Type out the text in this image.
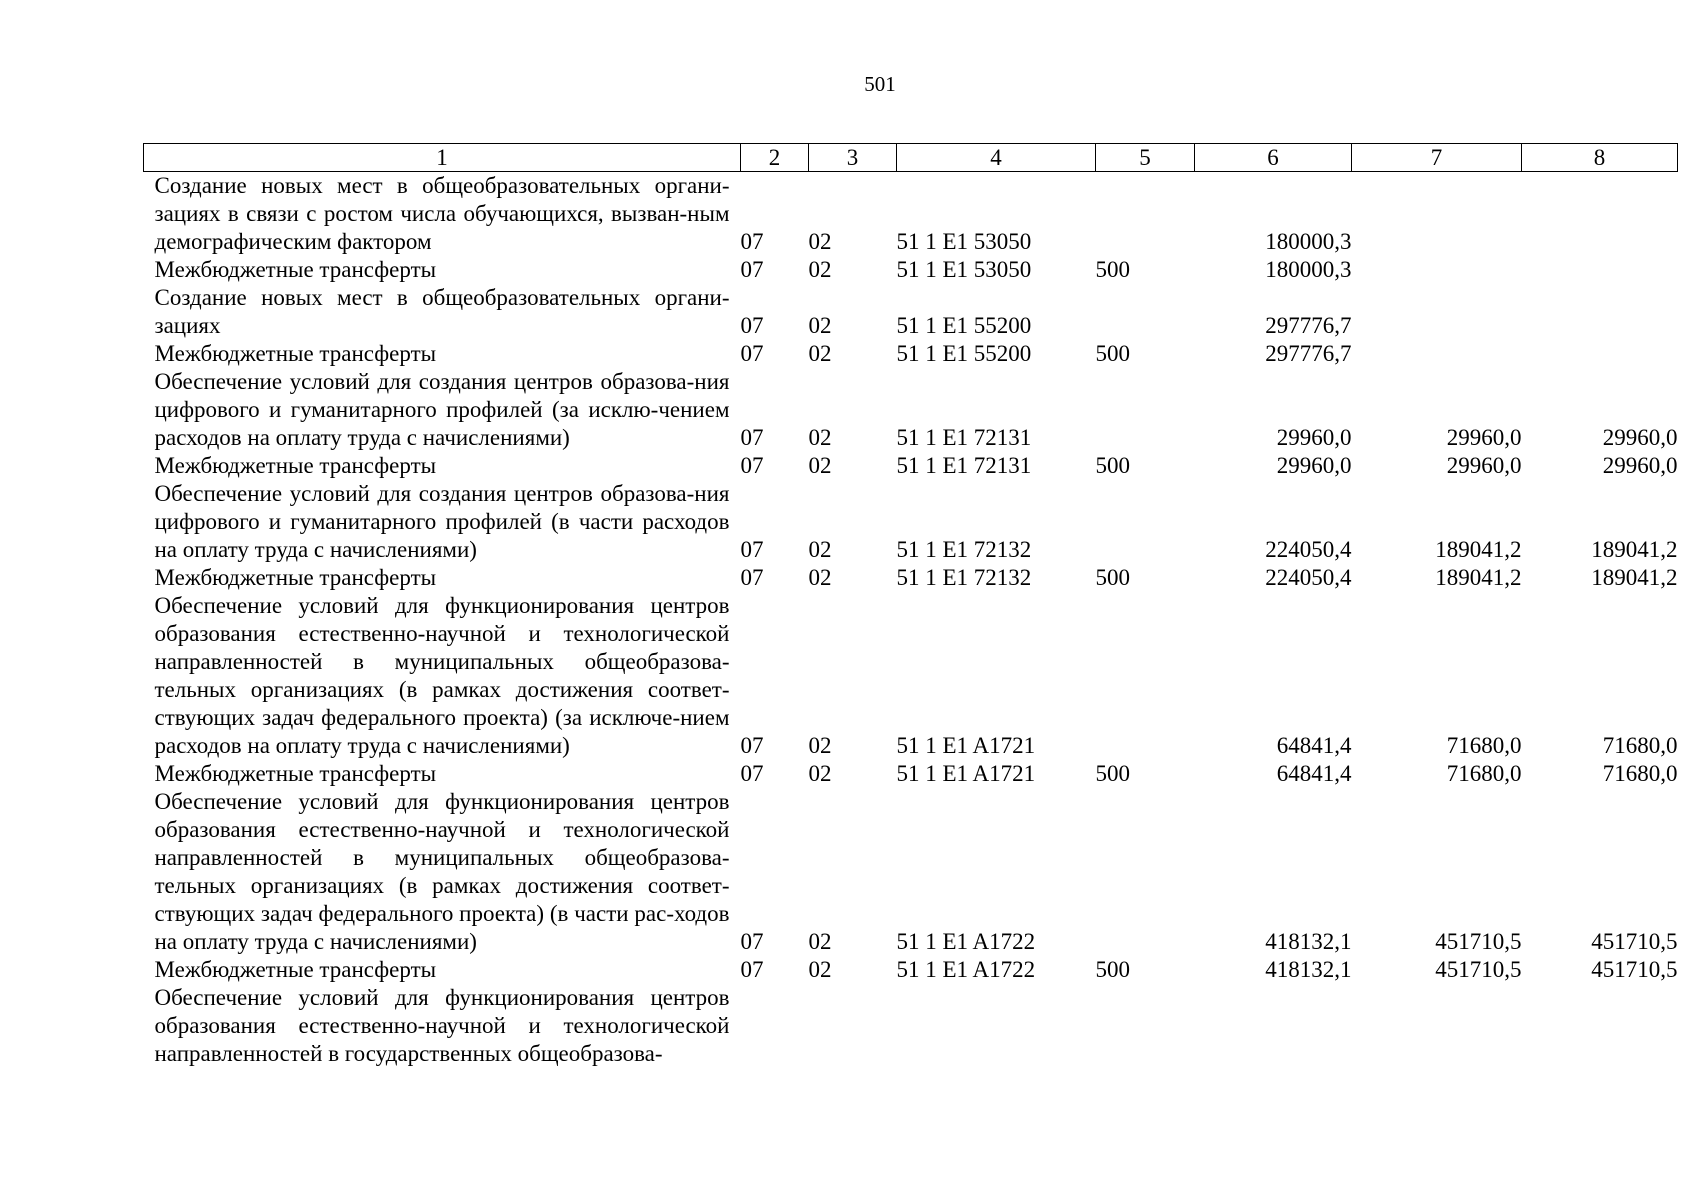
501
1	2	3	4	5	6	7	8
Создание новых мест в общеобразовательных органи-зациях в связи с ростом числа обучающихся, вызван-ным демографическим фактором	07	02	51 1 E1 53050		180000,3		
Межбюджетные трансферты	07	02	51 1 E1 53050	500	180000,3		
Создание новых мест в общеобразовательных органи-зациях	07	02	51 1 E1 55200		297776,7		
Межбюджетные трансферты	07	02	51 1 E1 55200	500	297776,7		
Обеспечение условий для создания центров образова-ния цифрового и гуманитарного профилей (за исклю-чением расходов на оплату труда с начислениями)	07	02	51 1 E1 72131		29960,0	29960,0	29960,0
Межбюджетные трансферты	07	02	51 1 E1 72131	500	29960,0	29960,0	29960,0
Обеспечение условий для создания центров образова-ния цифрового и гуманитарного профилей (в части расходов на оплату труда с начислениями)	07	02	51 1 E1 72132		224050,4	189041,2	189041,2
Межбюджетные трансферты	07	02	51 1 E1 72132	500	224050,4	189041,2	189041,2
Обеспечение условий для функционирования центров образования естественно-научной и технологической направленностей в муниципальных общеобразова-тельных организациях (в рамках достижения соответ-ствующих задач федерального проекта) (за исключе-нием расходов на оплату труда с начислениями)	07	02	51 1 E1 A1721		64841,4	71680,0	71680,0
Межбюджетные трансферты	07	02	51 1 E1 A1721	500	64841,4	71680,0	71680,0
Обеспечение условий для функционирования центров образования естественно-научной и технологической направленностей в муниципальных общеобразова-тельных организациях (в рамках достижения соответ-ствующих задач федерального проекта) (в части рас-ходов на оплату труда с начислениями)	07	02	51 1 E1 A1722		418132,1	451710,5	451710,5
Межбюджетные трансферты	07	02	51 1 E1 A1722	500	418132,1	451710,5	451710,5
Обеспечение условий для функционирования центров образования естественно-научной и технологической направленностей в государственных общеобразова-							
